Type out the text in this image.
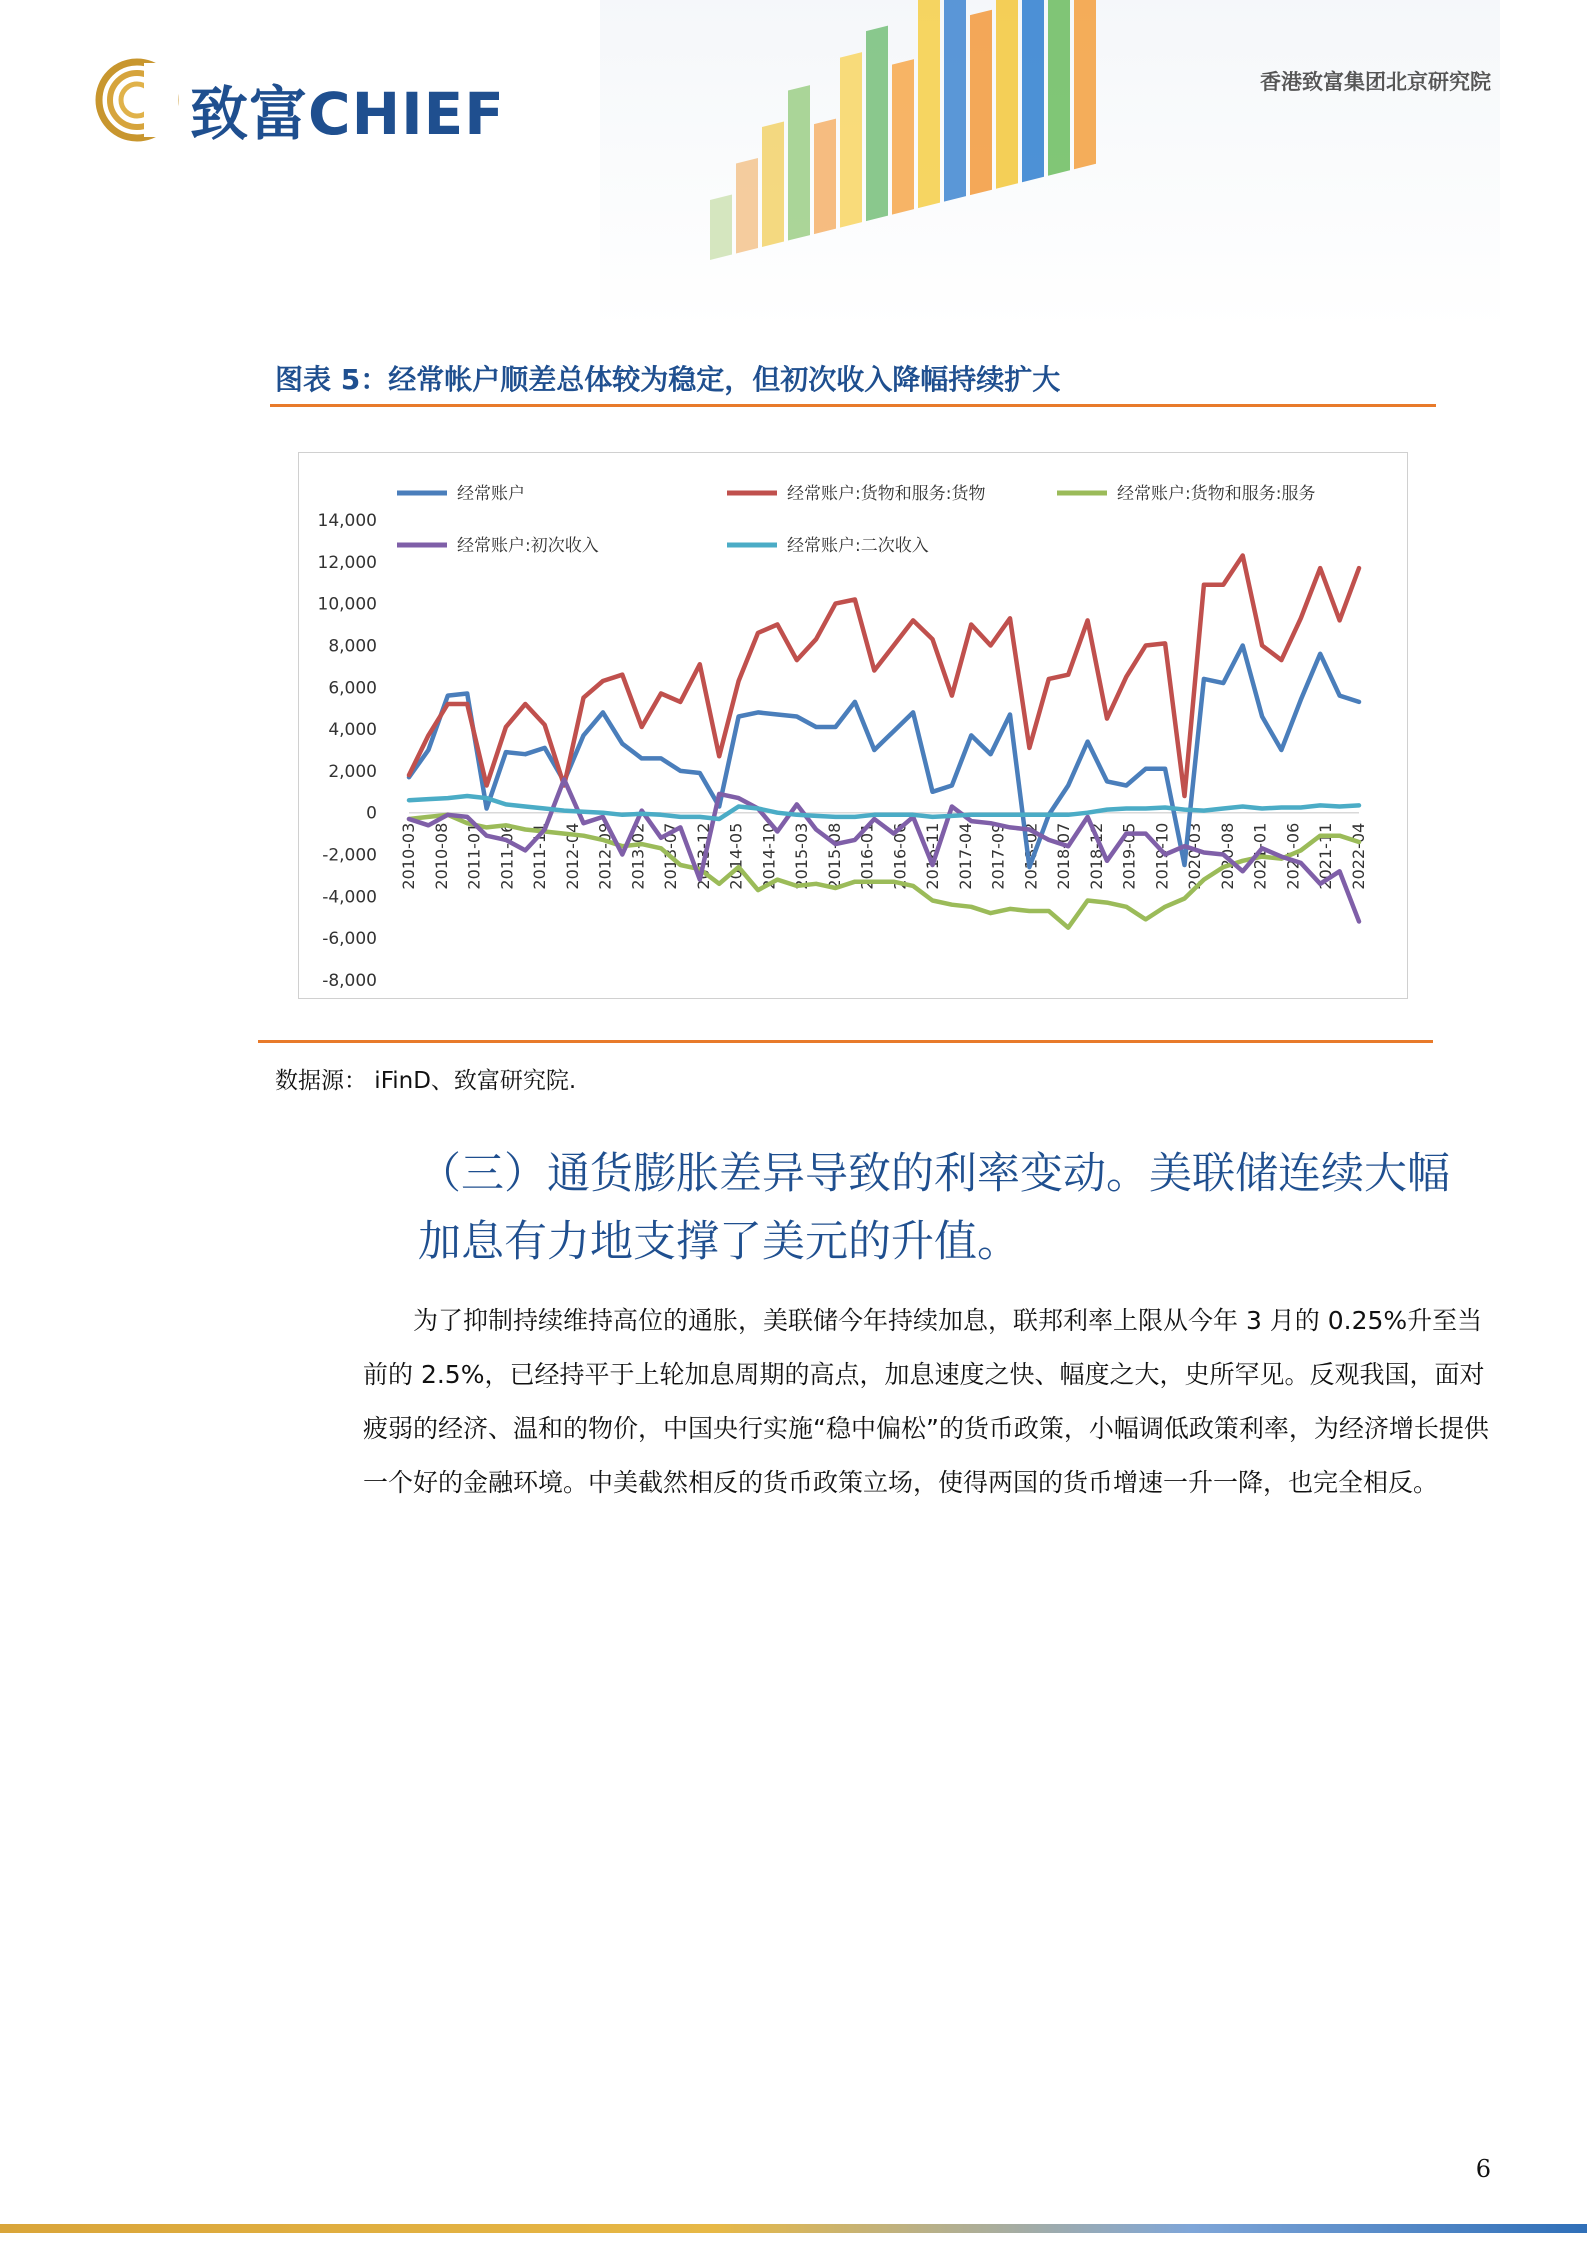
致富CHIEF	香港致富集团北京研究院
图表 5：经常帐户顺差总体较为稳定，但初次收入降幅持续扩大
14,000
12,000
10,000
8,000
6,000
4,000
2,000
0
-2,000
-4,000
-6,000
-8,000
2010-03 2010-08 2011-01 2011-06 2011-11 2012-04 2012-09 2013-02 2013-07 2013-12 2014-05 2014-10 2015-03 2015-08 2016-01 2016-06 2016-11 2017-04 2017-09 2018-02 2018-07 2018-12 2019-05 2019-10 2020-03 2020-08 2021-01 2021-06 2021-11 2022-04
经常账户	经常账户:货物和服务:货物	经常账户:货物和服务:服务
经常账户:初次收入	经常账户:二次收入
数据源： iFinD、致富研究院.
（三）通货膨胀差异导致的利率变动。美联储连续大幅
加息有力地支撑了美元的升值。

为了抑制持续维持高位的通胀，美联储今年持续加息，联邦利率上限从今年 3 月的 0.25%升至当前的 2.5%，已经持平于上轮加息周期的高点，加息速度之快、幅度之大，史所罕见。反观我国，面对疲弱的经济、温和的物价，中国央行实施“稳中偏松”的货币政策，小幅调低政策利率，为经济增长提供一个好的金融环境。中美截然相反的货币政策立场，使得两国的货币增速一升一降，也完全相反。

6
